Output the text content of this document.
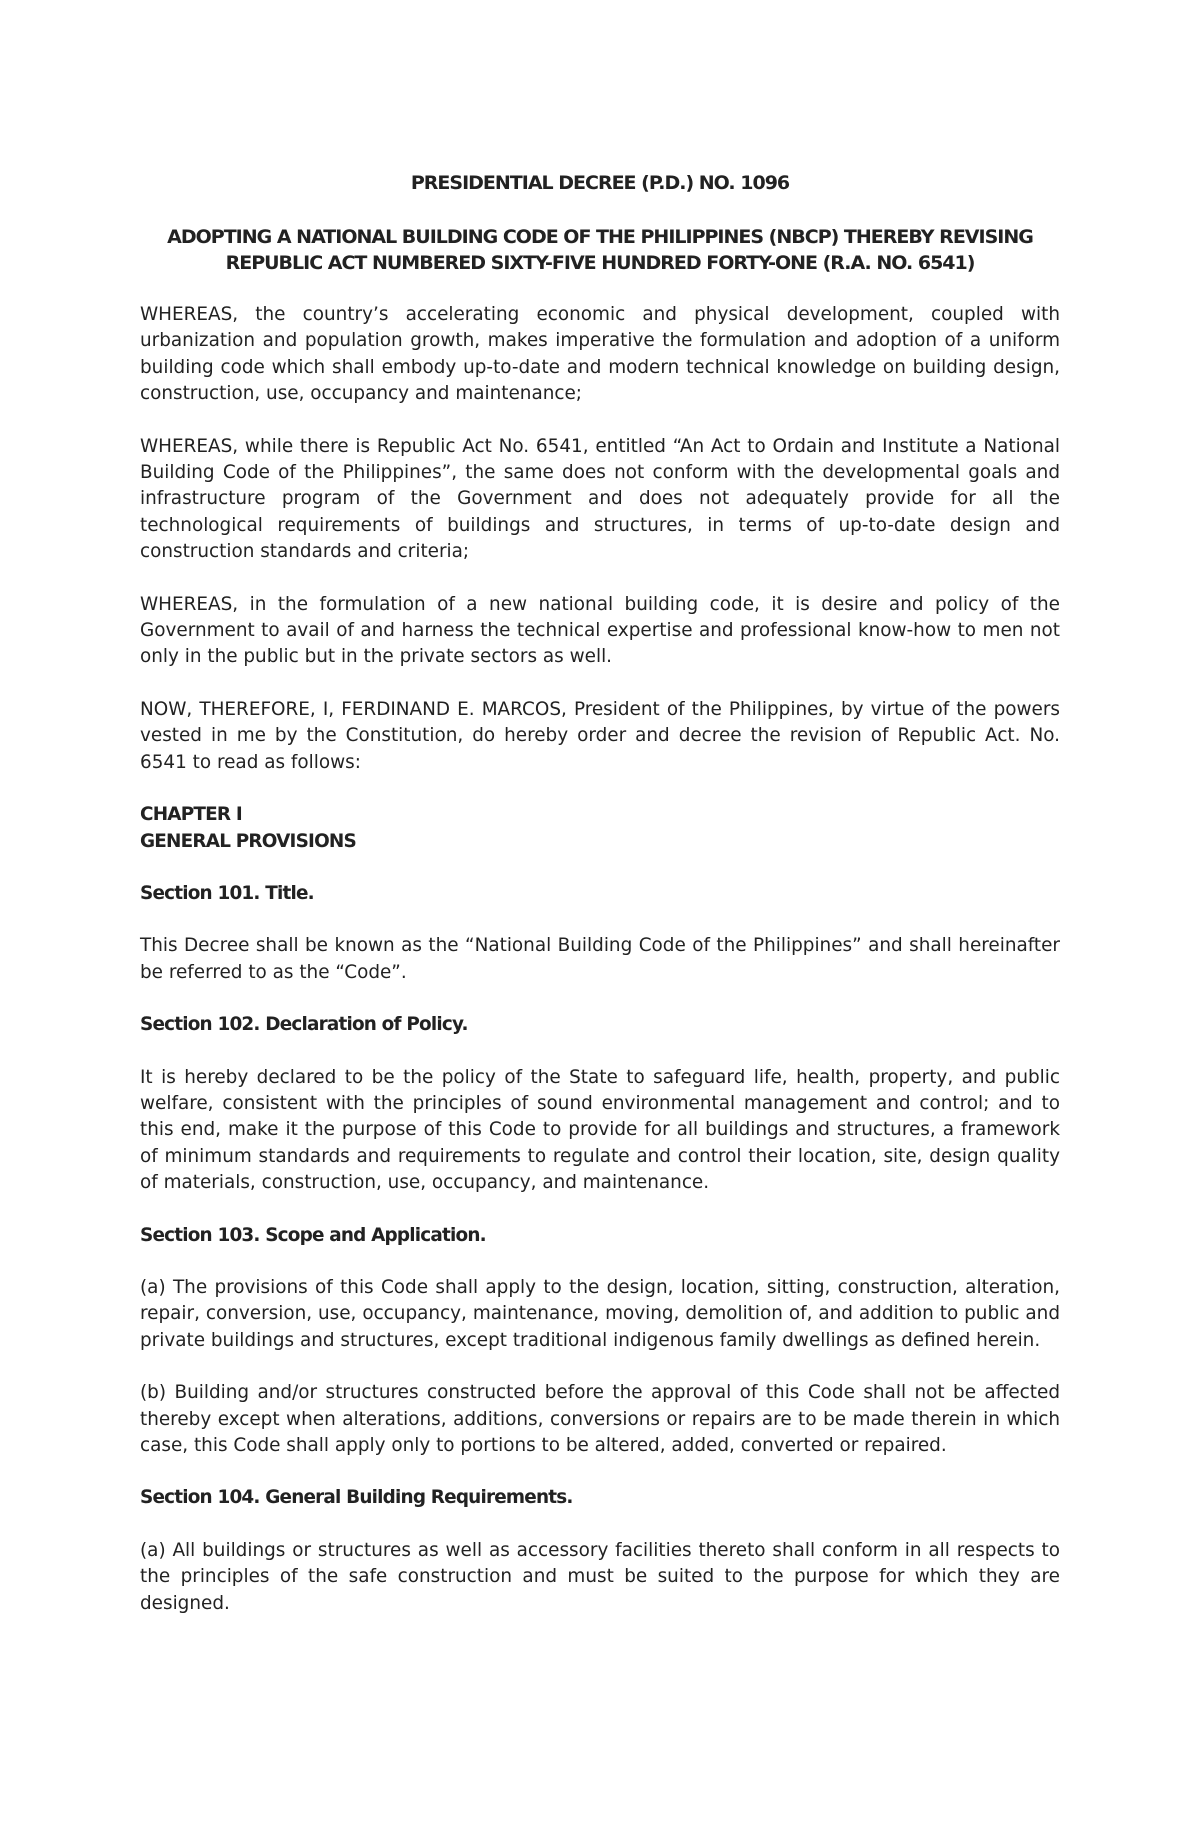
PRESIDENTIAL DECREE (P.D.) NO. 1096
ADOPTING A NATIONAL BUILDING CODE OF THE PHILIPPINES (NBCP) THEREBY REVISING
REPUBLIC ACT NUMBERED SIXTY-FIVE HUNDRED FORTY-ONE (R.A. NO. 6541)

WHEREAS, the country’s accelerating economic and physical development, coupled with urbanization and population growth, makes imperative the formulation and adoption of a uniform building code which shall embody up-to-date and modern technical knowledge on building design, construction, use, occupancy and maintenance;

WHEREAS, while there is Republic Act No. 6541, entitled “An Act to Ordain and Institute a National Building Code of the Philippines”, the same does not conform with the developmental goals and infrastructure program of the Government and does not adequately provide for all the technological requirements of buildings and structures, in terms of up-to-date design and construction standards and criteria;

WHEREAS, in the formulation of a new national building code, it is desire and policy of the Government to avail of and harness the technical expertise and professional know-how to men not only in the public but in the private sectors as well.

NOW, THEREFORE, I, FERDINAND E. MARCOS, President of the Philippines, by virtue of the powers vested in me by the Constitution, do hereby order and decree the revision of Republic Act. No. 6541 to read as follows:

CHAPTER I
GENERAL PROVISIONS
Section 101. Title.

This Decree shall be known as the “National Building Code of the Philippines” and shall hereinafter be referred to as the “Code”.

Section 102. Declaration of Policy.

It is hereby declared to be the policy of the State to safeguard life, health, property, and public welfare, consistent with the principles of sound environmental management and control; and to this end, make it the purpose of this Code to provide for all buildings and structures, a framework of minimum standards and requirements to regulate and control their location, site, design quality of materials, construction, use, occupancy, and maintenance.

Section 103. Scope and Application.

(a) The provisions of this Code shall apply to the design, location, sitting, construction, alteration, repair, conversion, use, occupancy, maintenance, moving, demolition of, and addition to public and private buildings and structures, except traditional indigenous family dwellings as defined herein.

(b) Building and/or structures constructed before the approval of this Code shall not be affected thereby except when alterations, additions, conversions or repairs are to be made therein in which case, this Code shall apply only to portions to be altered, added, converted or repaired.

Section 104. General Building Requirements.

(a) All buildings or structures as well as accessory facilities thereto shall conform in all respects to the principles of the safe construction and must be suited to the purpose for which they are designed.
